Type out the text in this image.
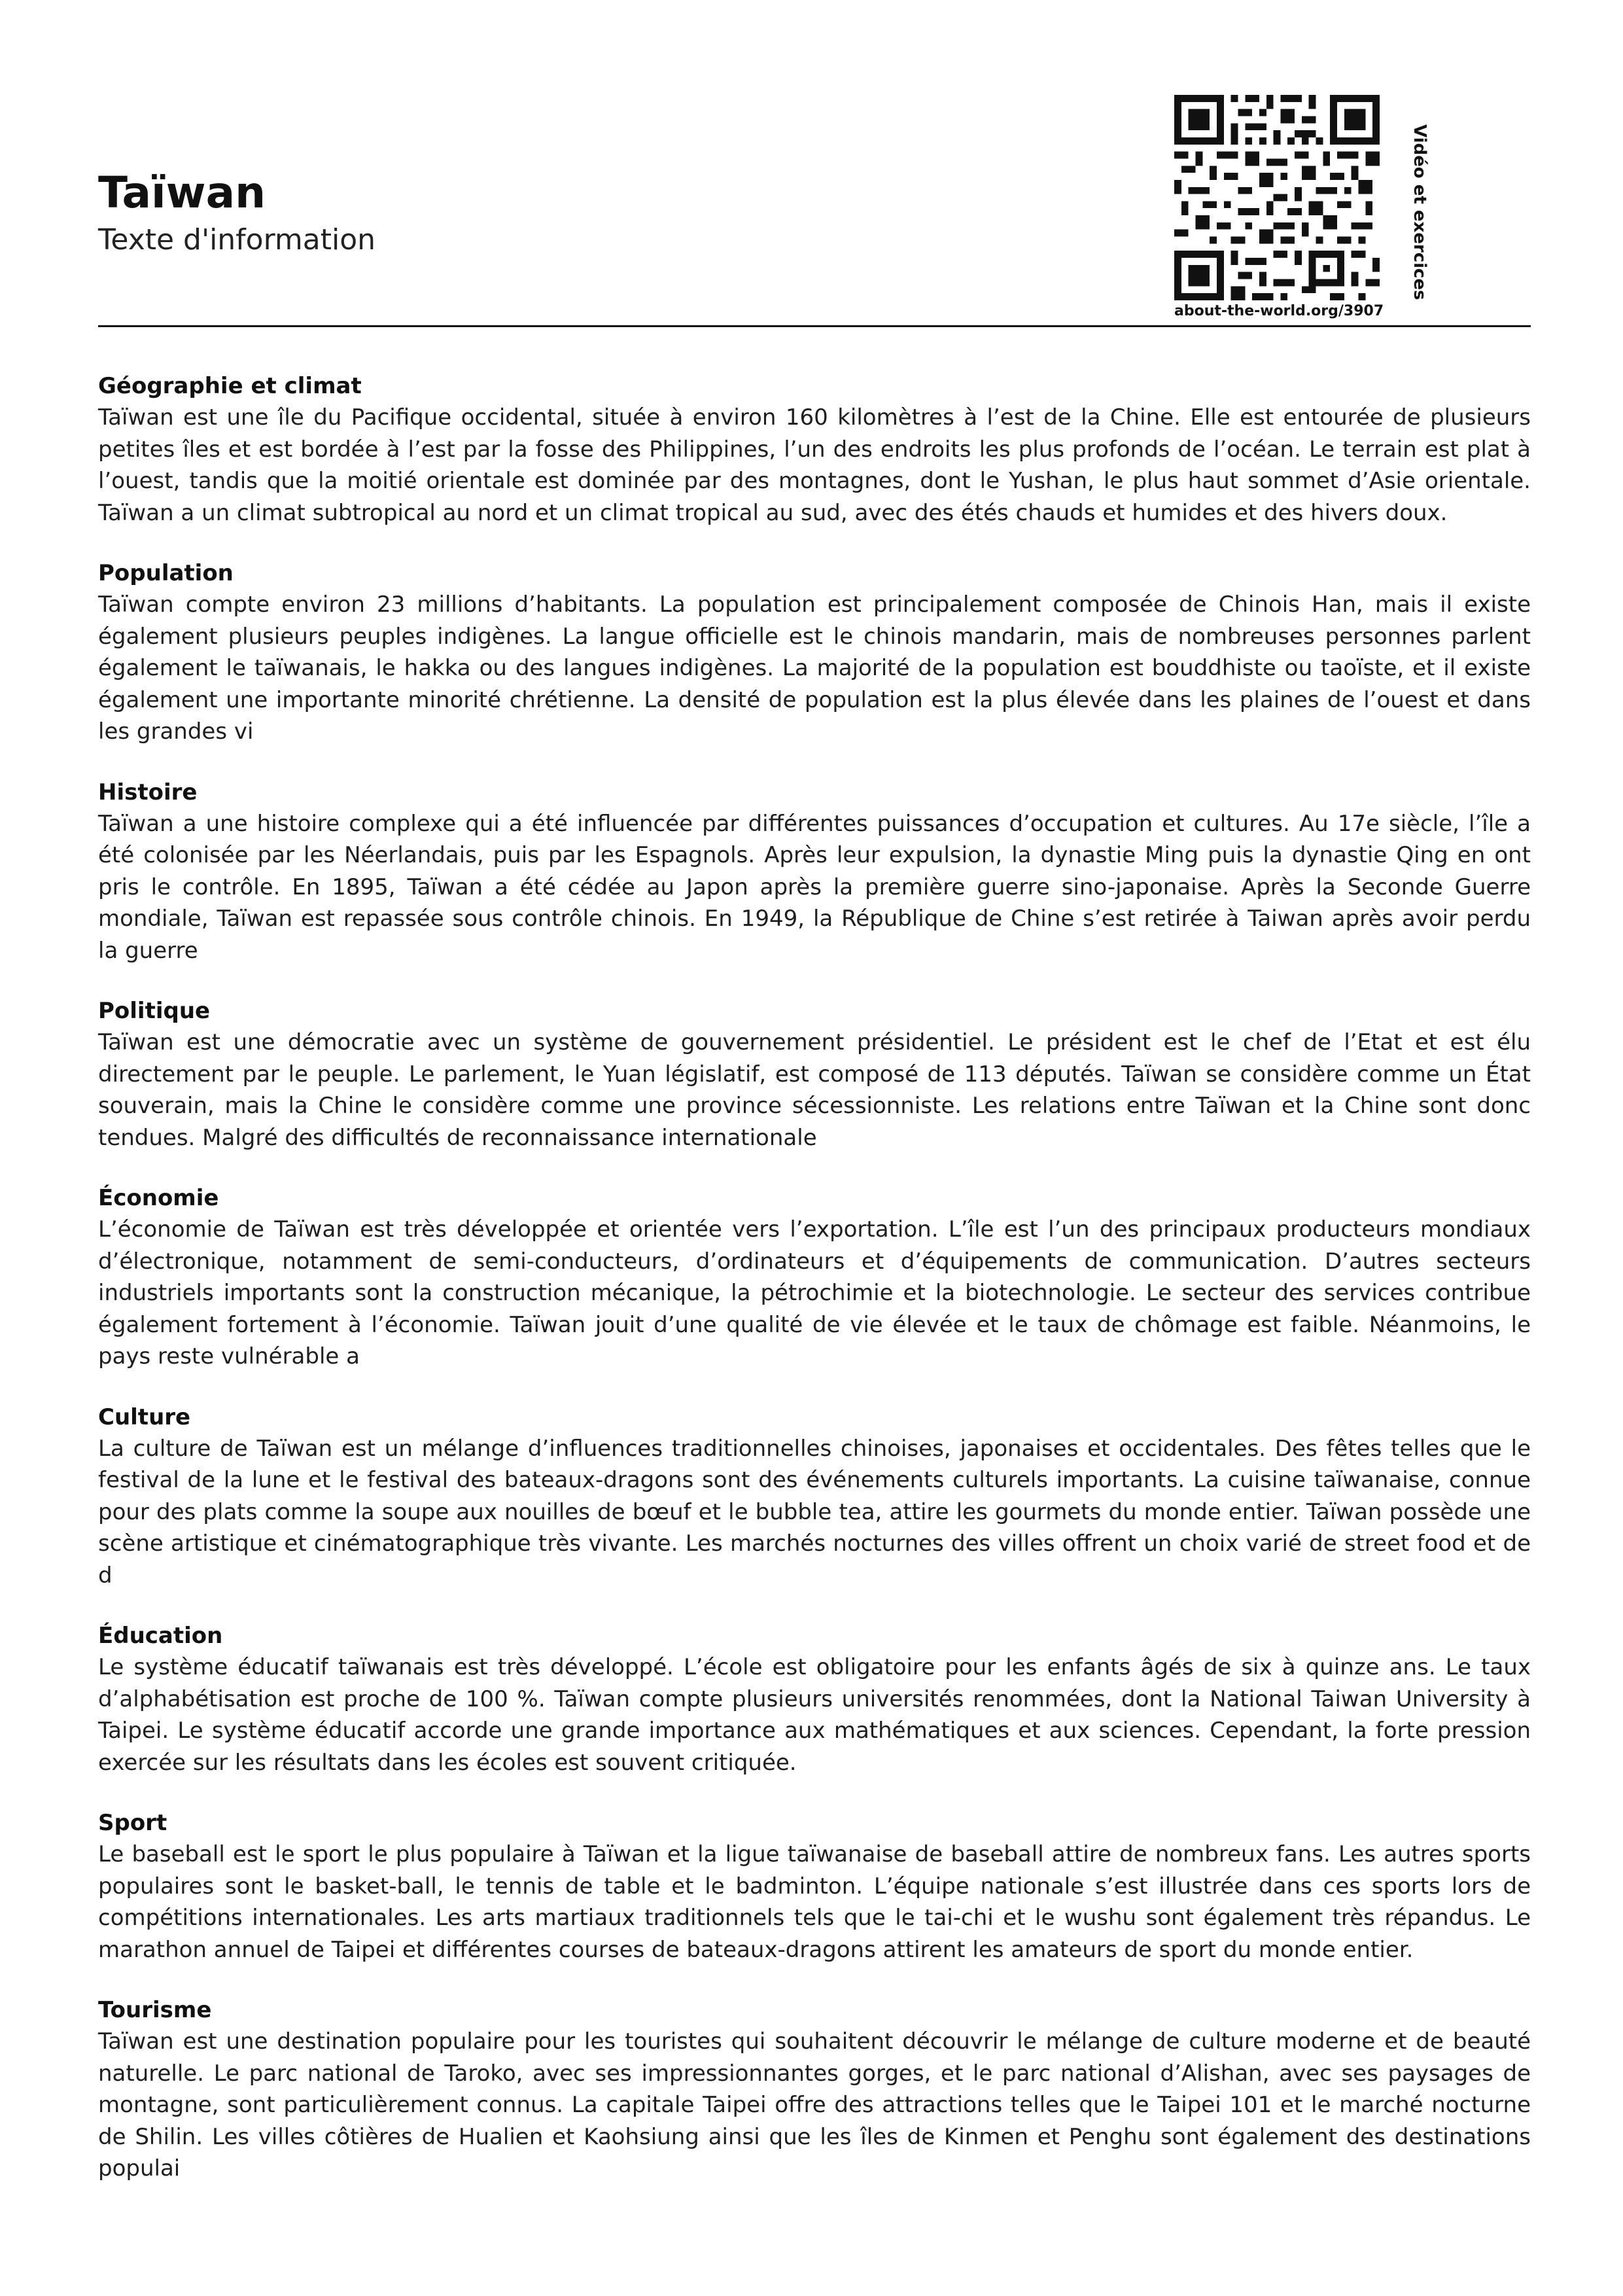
Taïwan

Texte d'information

about-the-world.org/3907
Vidéo et exercices

Géographie et climat

Taïwan est une île du Pacifique occidental, située à environ 160 kilomètres à l’est de la Chine. Elle est entourée de plusieurs petites îles et est bordée à l’est par la fosse des Philippines, l’un des endroits les plus profonds de l’océan. Le terrain est plat à l’ouest, tandis que la moitié orientale est dominée par des montagnes, dont le Yushan, le plus haut sommet d’Asie orientale. Taïwan a un climat subtropical au nord et un climat tropical au sud, avec des étés chauds et humides et des hivers doux.

Population

Taïwan compte environ 23 millions d’habitants. La population est principalement composée de Chinois Han, mais il existe également plusieurs peuples indigènes. La langue officielle est le chinois mandarin, mais de nombreuses personnes parlent également le taïwanais, le hakka ou des langues indigènes. La majorité de la population est bouddhiste ou taoïste, et il existe également une importante minorité chrétienne. La densité de population est la plus élevée dans les plaines de l’ouest et dans les grandes vi

Histoire

Taïwan a une histoire complexe qui a été influencée par différentes puissances d’occupation et cultures. Au 17e siècle, l’île a été colonisée par les Néerlandais, puis par les Espagnols. Après leur expulsion, la dynastie Ming puis la dynastie Qing en ont pris le contrôle. En 1895, Taïwan a été cédée au Japon après la première guerre sino-japonaise. Après la Seconde Guerre mondiale, Taïwan est repassée sous contrôle chinois. En 1949, la République de Chine s’est retirée à Taiwan après avoir perdu la guerre

Politique

Taïwan est une démocratie avec un système de gouvernement présidentiel. Le président est le chef de l’Etat et est élu directement par le peuple. Le parlement, le Yuan législatif, est composé de 113 députés. Taïwan se considère comme un État souverain, mais la Chine le considère comme une province sécessionniste. Les relations entre Taïwan et la Chine sont donc tendues. Malgré des difficultés de reconnaissance internationale

Économie

L’économie de Taïwan est très développée et orientée vers l’exportation. L’île est l’un des principaux producteurs mondiaux d’électronique, notamment de semi-conducteurs, d’ordinateurs et d’équipements de communication. D’autres secteurs industriels importants sont la construction mécanique, la pétrochimie et la biotechnologie. Le secteur des services contribue également fortement à l’économie. Taïwan jouit d’une qualité de vie élevée et le taux de chômage est faible. Néanmoins, le pays reste vulnérable a

Culture

La culture de Taïwan est un mélange d’influences traditionnelles chinoises, japonaises et occidentales. Des fêtes telles que le festival de la lune et le festival des bateaux-dragons sont des événements culturels importants. La cuisine taïwanaise, connue pour des plats comme la soupe aux nouilles de bœuf et le bubble tea, attire les gourmets du monde entier. Taïwan possède une scène artistique et cinématographique très vivante. Les marchés nocturnes des villes offrent un choix varié de street food et de d

Éducation

Le système éducatif taïwanais est très développé. L’école est obligatoire pour les enfants âgés de six à quinze ans. Le taux d’alphabétisation est proche de 100 %. Taïwan compte plusieurs universités renommées, dont la National Taiwan University à Taipei. Le système éducatif accorde une grande importance aux mathématiques et aux sciences. Cependant, la forte pression exercée sur les résultats dans les écoles est souvent critiquée.

Sport

Le baseball est le sport le plus populaire à Taïwan et la ligue taïwanaise de baseball attire de nombreux fans. Les autres sports populaires sont le basket-ball, le tennis de table et le badminton. L’équipe nationale s’est illustrée dans ces sports lors de compétitions internationales. Les arts martiaux traditionnels tels que le tai-chi et le wushu sont également très répandus. Le marathon annuel de Taipei et différentes courses de bateaux-dragons attirent les amateurs de sport du monde entier.

Tourisme

Taïwan est une destination populaire pour les touristes qui souhaitent découvrir le mélange de culture moderne et de beauté naturelle. Le parc national de Taroko, avec ses impressionnantes gorges, et le parc national d’Alishan, avec ses paysages de montagne, sont particulièrement connus. La capitale Taipei offre des attractions telles que le Taipei 101 et le marché nocturne de Shilin. Les villes côtières de Hualien et Kaohsiung ainsi que les îles de Kinmen et Penghu sont également des destinations populai
